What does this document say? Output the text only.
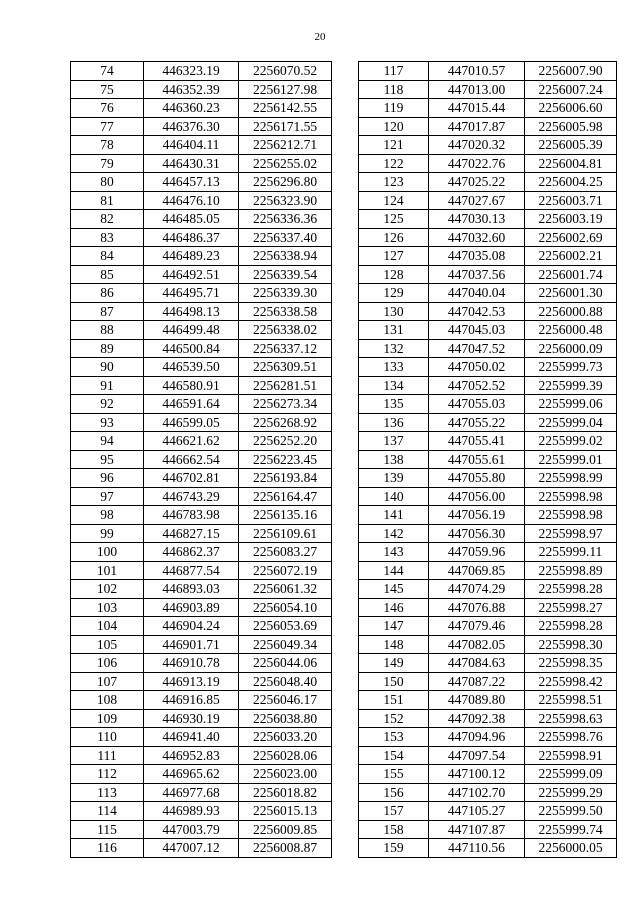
20
74	446323.19	2256070.52
75	446352.39	2256127.98
76	446360.23	2256142.55
77	446376.30	2256171.55
78	446404.11	2256212.71
79	446430.31	2256255.02
80	446457.13	2256296.80
81	446476.10	2256323.90
82	446485.05	2256336.36
83	446486.37	2256337.40
84	446489.23	2256338.94
85	446492.51	2256339.54
86	446495.71	2256339.30
87	446498.13	2256338.58
88	446499.48	2256338.02
89	446500.84	2256337.12
90	446539.50	2256309.51
91	446580.91	2256281.51
92	446591.64	2256273.34
93	446599.05	2256268.92
94	446621.62	2256252.20
95	446662.54	2256223.45
96	446702.81	2256193.84
97	446743.29	2256164.47
98	446783.98	2256135.16
99	446827.15	2256109.61
100	446862.37	2256083.27
101	446877.54	2256072.19
102	446893.03	2256061.32
103	446903.89	2256054.10
104	446904.24	2256053.69
105	446901.71	2256049.34
106	446910.78	2256044.06
107	446913.19	2256048.40
108	446916.85	2256046.17
109	446930.19	2256038.80
110	446941.40	2256033.20
111	446952.83	2256028.06
112	446965.62	2256023.00
113	446977.68	2256018.82
114	446989.93	2256015.13
115	447003.79	2256009.85
116	447007.12	2256008.87
117	447010.57	2256007.90
118	447013.00	2256007.24
119	447015.44	2256006.60
120	447017.87	2256005.98
121	447020.32	2256005.39
122	447022.76	2256004.81
123	447025.22	2256004.25
124	447027.67	2256003.71
125	447030.13	2256003.19
126	447032.60	2256002.69
127	447035.08	2256002.21
128	447037.56	2256001.74
129	447040.04	2256001.30
130	447042.53	2256000.88
131	447045.03	2256000.48
132	447047.52	2256000.09
133	447050.02	2255999.73
134	447052.52	2255999.39
135	447055.03	2255999.06
136	447055.22	2255999.04
137	447055.41	2255999.02
138	447055.61	2255999.01
139	447055.80	2255998.99
140	447056.00	2255998.98
141	447056.19	2255998.98
142	447056.30	2255998.97
143	447059.96	2255999.11
144	447069.85	2255998.89
145	447074.29	2255998.28
146	447076.88	2255998.27
147	447079.46	2255998.28
148	447082.05	2255998.30
149	447084.63	2255998.35
150	447087.22	2255998.42
151	447089.80	2255998.51
152	447092.38	2255998.63
153	447094.96	2255998.76
154	447097.54	2255998.91
155	447100.12	2255999.09
156	447102.70	2255999.29
157	447105.27	2255999.50
158	447107.87	2255999.74
159	447110.56	2256000.05
